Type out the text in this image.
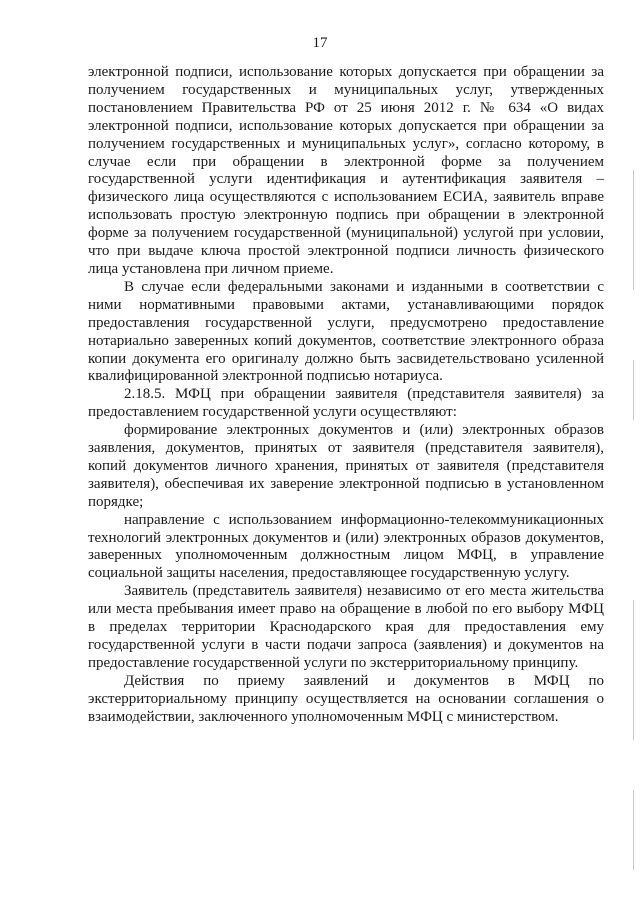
17

электронной подписи, использование которых допускается при обращении за получением государственных и муниципальных услуг, утвержденных постановлением Правительства РФ от 25 июня 2012 г. № 634 «О видах электронной подписи, использование которых допускается при обращении за получением государственных и муниципальных услуг», согласно которому, в случае если при обращении в электронной форме за получением государственной услуги идентификация и аутентификация заявителя – физического лица осуществляются с использованием ЕСИА, заявитель вправе использовать простую электронную подпись при обращении в электронной форме за получением государственной (муниципальной) услугой при условии, что при выдаче ключа простой электронной подписи личность физического лица установлена при личном приеме.

В случае если федеральными законами и изданными в соответствии с ними нормативными правовыми актами, устанавливающими порядок предоставления государственной услуги, предусмотрено предоставление нотариально заверенных копий документов, соответствие электронного образа копии документа его оригиналу должно быть засвидетельствовано усиленной квалифицированной электронной подписью нотариуса.

2.18.5. МФЦ при обращении заявителя (представителя заявителя) за предоставлением государственной услуги осуществляют:

формирование электронных документов и (или) электронных образов заявления, документов, принятых от заявителя (представителя заявителя), копий документов личного хранения, принятых от заявителя (представителя заявителя), обеспечивая их заверение электронной подписью в установленном порядке;

направление с использованием информационно-телекоммуникационных технологий электронных документов и (или) электронных образов документов, заверенных уполномоченным должностным лицом МФЦ, в управление социальной защиты населения, предоставляющее государственную услугу.

Заявитель (представитель заявителя) независимо от его места жительства или места пребывания имеет право на обращение в любой по его выбору МФЦ в пределах территории Краснодарского края для предоставления ему государственной услуги в части подачи запроса (заявления) и документов на предоставление государственной услуги по экстерриториальному принципу.

Действия по приему заявлений и документов в МФЦ по экстерриториальному принципу осуществляется на основании соглашения о взаимодействии, заключенного уполномоченным МФЦ с министерством.
